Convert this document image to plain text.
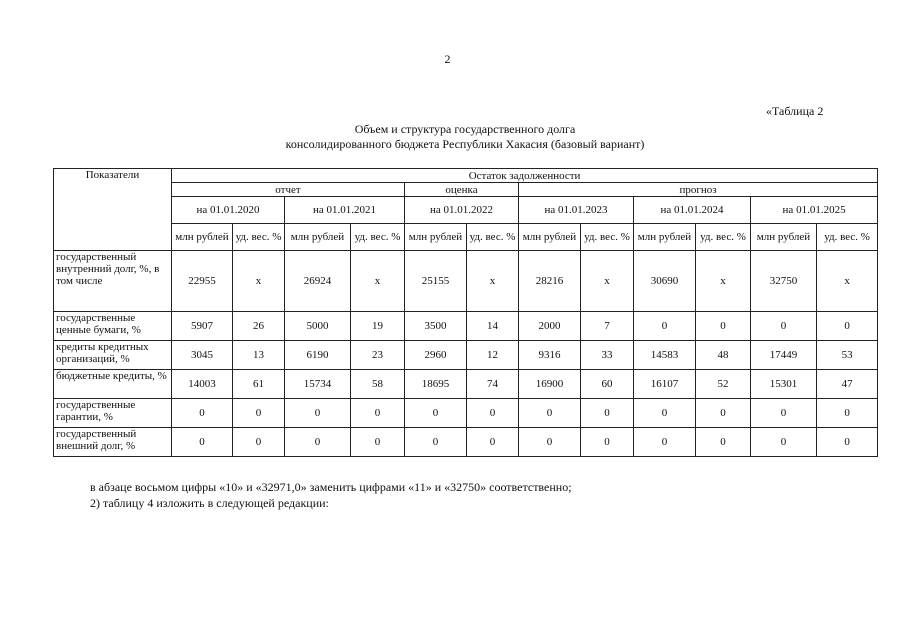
2
«Таблица 2
Объем и структура государственного долга
консолидированного бюджета Республики Хакасия (базовый вариант)
Показатели	Остаток задолженности											
	отчет				оценка		прогноз					
	на 01.01.2020		на 01.01.2021		на 01.01.2022		на 01.01.2023		на 01.01.2024		на 01.01.2025	
	млн рублей	уд. вес. %	млн рублей	уд. вес. %	млн рублей	уд. вес. %	млн рублей	уд. вес. %	млн рублей	уд. вес. %	млн рублей	уд. вес. %
государственный внутренний долг, %, в том числе	22955	x	26924	x	25155	x	28216	x	30690	x	32750	x
государственные ценные бумаги, %	5907	26	5000	19	3500	14	2000	7	0	0	0	0
кредиты кредитных организаций, %	3045	13	6190	23	2960	12	9316	33	14583	48	17449	53
бюджетные кредиты, %	14003	61	15734	58	18695	74	16900	60	16107	52	15301	47
государственные гарантии, %	0	0	0	0	0	0	0	0	0	0	0	0
государственный внешний долг, %	0	0	0	0	0	0	0	0	0	0	0	0
в абзаце восьмом цифры «10» и «32971,0» заменить цифрами «11» и «32750» соответственно;
2) таблицу 4 изложить в следующей редакции:
